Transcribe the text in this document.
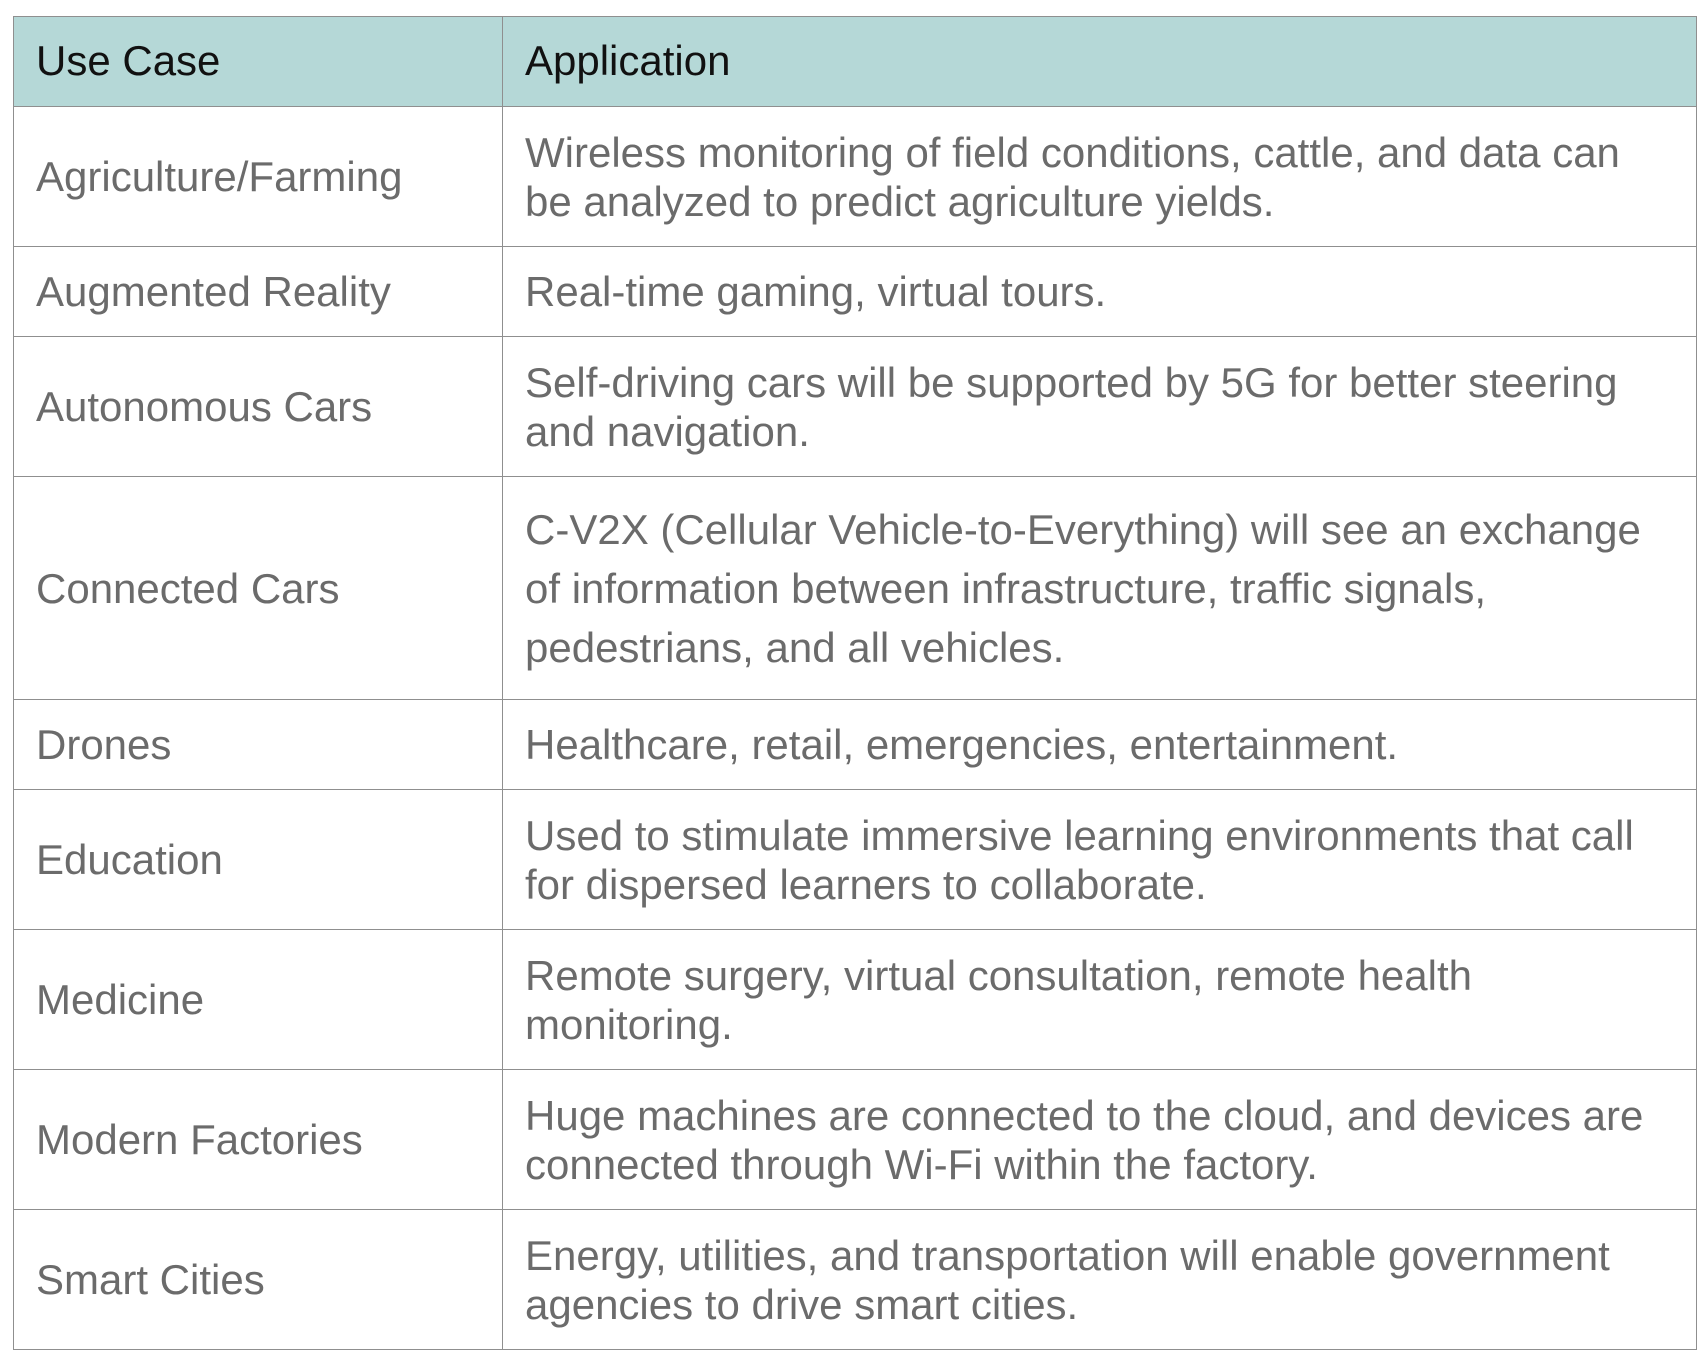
Use Case	Application
Agriculture/Farming	Wireless monitoring of field conditions, cattle, and data can be analyzed to predict agriculture yields.
Augmented Reality	Real-time gaming, virtual tours.
Autonomous Cars	Self-driving cars will be supported by 5G for better steering and navigation.
Connected Cars	C-V2X (Cellular Vehicle-to-Everything) will see an exchange of information between infrastructure, traffic signals, pedestrians, and all vehicles.
Drones	Healthcare, retail, emergencies, entertainment.
Education	Used to stimulate immersive learning environments that call for dispersed learners to collaborate.
Medicine	Remote surgery, virtual consultation, remote health monitoring.
Modern Factories	Huge machines are connected to the cloud, and devices are connected through Wi-Fi within the factory.
Smart Cities	Energy, utilities, and transportation will enable government agencies to drive smart cities.
